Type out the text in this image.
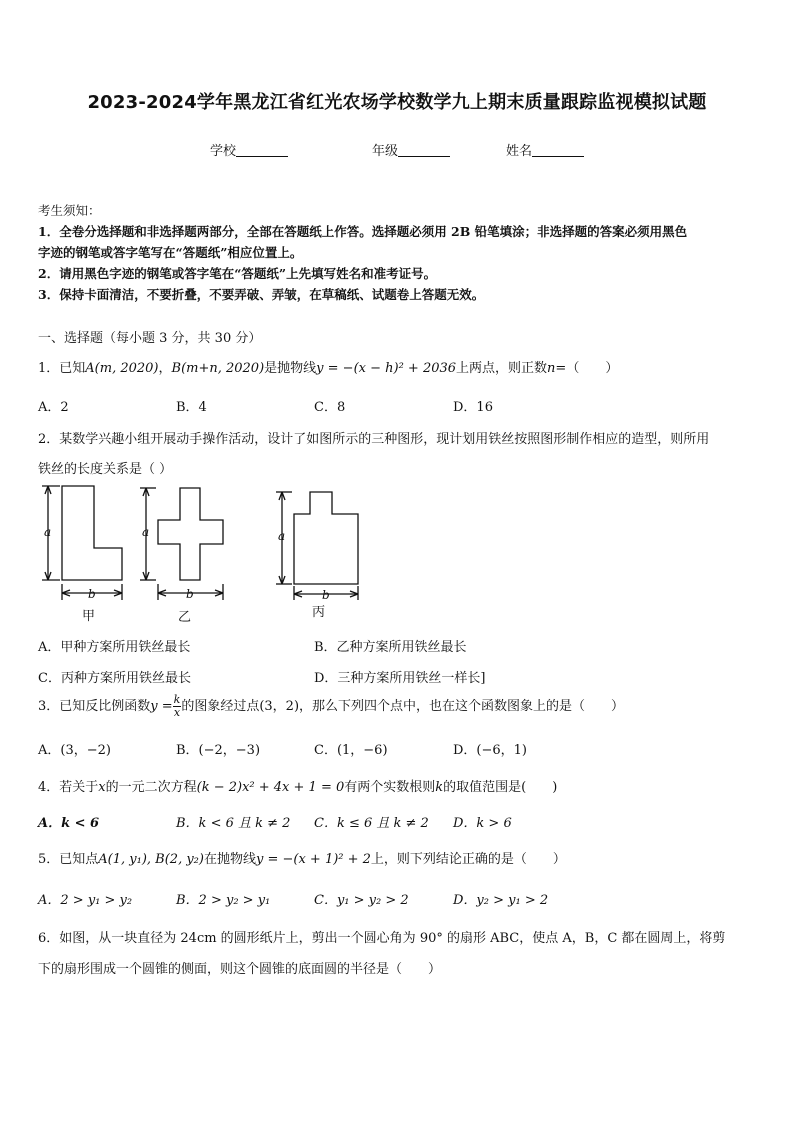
2023-2024学年黑龙江省红光农场学校数学九上期末质量跟踪监视模拟试题
学校	年级	姓名
考生须知：
1．全卷分选择题和非选择题两部分，全部在答题纸上作答。选择题必须用 2B 铅笔填涂；非选择题的答案必须用黑色
字迹的钢笔或答字笔写在“答题纸”相应位置上。
2．请用黑色字迹的钢笔或答字笔在“答题纸”上先填写姓名和准考证号。
3．保持卡面清洁，不要折叠，不要弄破、弄皱，在草稿纸、试题卷上答题无效。
一、选择题（每小题 3 分，共 30 分）
1．已知A(m, 2020)，B(m+n, 2020)是抛物线y = −(x − h)² + 2036上两点，则正数n=（　　）
A．2	B．4	C．8	D．16
2．某数学兴趣小组开展动手操作活动，设计了如图所示的三种图形，现计划用铁丝按照图形制作相应的造型，则所用
铁丝的长度关系是（ ）
a
b
a
b
a
b
甲	乙	丙
A．甲种方案所用铁丝最长	B．乙种方案所用铁丝最长
C．丙种方案所用铁丝最长	D．三种方案所用铁丝一样长]
3．已知反比例函数$y = \frac{k}{x}$ 的图象经过点(3，2)，那么下列四个点中，也在这个函数图象上的是（　　）
A．(3，−2)	B．(−2，−3)	C．(1，−6)	D．(−6，1)
4．若关于x的一元二次方程(k − 2)x² + 4x + 1 = 0有两个实数根则k的取值范围是(　　)
A．k < 6	B．k < 6 且 k ≠ 2 C．k ≤ 6 且 k ≠ 2 D．k > 6
5．已知点A(1, y₁), B(2, y₂)在抛物线y = −(x + 1)² + 2上，则下列结论正确的是（　　）
A．2 > y₁ > y₂	B．2 > y₂ > y₁	C．y₁ > y₂ > 2	D．y₂ > y₁ > 2
6．如图，从一块直径为 24cm 的圆形纸片上，剪出一个圆心角为 90° 的扇形 ABC，使点 A，B，C 都在圆周上，将剪
下的扇形围成一个圆锥的侧面，则这个圆锥的底面圆的半径是（　　）
